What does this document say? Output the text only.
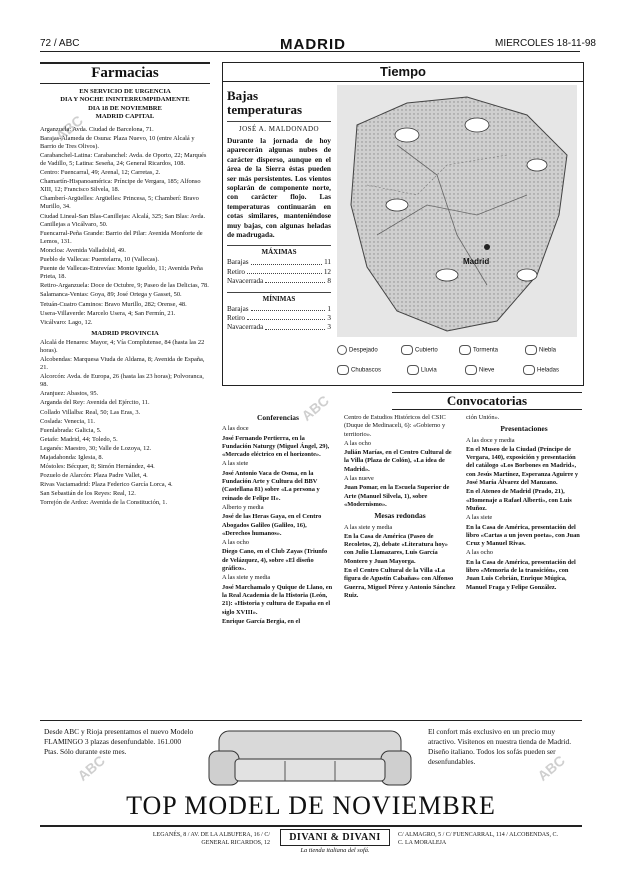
ABC
ABC	ABC
ABC
72 / ABC	MADRID	MIERCOLES 18-11-98
Farmacias
EN SERVICIO DE URGENCIA
DIA Y NOCHE ININTERRUMPIDAMENTE
DIA 18 DE NOVIEMBRE
MADRID CAPITAL

Arganzuela: Avda. Ciudad de Barcelona, 71.

Barajas-Alameda de Osuna: Plaza Nuevo, 10 (entre Alcalá y Barrio de Tres Olivos).

Carabanchel-Latina: Carabanchel: Avda. de Oporto, 22; Marqués de Vadillo, 5; Latina: Seseña, 24; General Ricardos, 108.

Centro: Fuencarral, 49; Arenal, 12; Carretas, 2.

Chamartín-Hispanoamérica: Príncipe de Vergara, 185; Alfonso XIII, 12; Francisco Silvela, 18.

Chamberí-Argüelles: Argüelles: Princesa, 5; Chamberí: Bravo Murillo, 34.

Ciudad Lineal-San Blas-Canillejas: Alcalá, 325; San Blas: Avda. Canillejas a Vicálvaro, 50.

Fuencarral-Peña Grande: Barrio del Pilar: Avenida Monforte de Lemos, 131.

Moncloa: Avenida Valladolid, 49.

Pueblo de Vallecas: Puentelarra, 10 (Vallecas).

Puente de Vallecas-Entrevías: Monte Igueldo, 11; Avenida Peña Prieta, 18.

Retiro-Arganzuela: Doce de Octubre, 9; Paseo de las Delicias, 78.

Salamanca-Ventas: Goya, 89; José Ortega y Gasset, 50.

Tetuán-Cuatro Caminos: Bravo Murillo, 282; Orense, 48.

Usera-Villaverde: Marcelo Usera, 4; San Fermín, 21.

Vicálvaro: Lago, 12.

MADRID PROVINCIA

Alcalá de Henares: Mayor, 4; Vía Complutense, 84 (hasta las 22 horas).

Alcobendas: Marquesa Viuda de Aldama, 8; Avenida de España, 21.

Alcorcón: Avda. de Europa, 26 (hasta las 23 horas); Polvoranca, 98.

Aranjuez: Abastos, 95.

Arganda del Rey: Avenida del Ejército, 11.

Collado Villalba: Real, 50; Las Eras, 3.

Coslada: Venecia, 11.

Fuenlabrada: Galicia, 5.

Getafe: Madrid, 44; Toledo, 5.

Leganés: Maestro, 30; Valle de Lozoya, 12.

Majadahonda: Iglesia, 8.

Móstoles: Bécquer, 8; Simón Hernández, 44.

Pozuelo de Alarcón: Plaza Padre Vallet, 4.

Rivas Vaciamadrid: Plaza Federico García Lorca, 4.

San Sebastián de los Reyes: Real, 12.

Torrejón de Ardoz: Avenida de la Constitución, 1.

Tiempo
Bajas temperaturas
JOSÉ A. MALDONADO
Durante la jornada de hoy aparecerán algunas nubes de carácter disperso, aunque en el área de la Sierra éstas pueden ser más persistentes. Los vientos soplarán de componente norte, con carácter flojo. Las temperaturas continuarán en cotas similares, manteniéndose muy bajas, con algunas heladas de madrugada.
MÁXIMAS
Barajas	11
Retiro	12
Navacerrada	8
MÍNIMAS
Barajas	1
Retiro	3
Navacerrada	3
Madrid
Despejado	Cubierto	Tormenta	Niebla
Chubascos	Lluvia	Nieve	Heladas
Convocatorias
Conferencias

A las doce

José Fernando Pertierra, en la Fundación Naturgy (Miguel Ángel, 29), «Mercado eléctrico en el horizonte».

A las siete

José Antonio Vaca de Osma, en la Fundación Arte y Cultura del BBV (Castellana 81) sobre «La persona y reinado de Felipe II».

Alberto y media

José de las Heras Gaya, en el Centro Abogados Galileo (Galileo, 16), «Derechos humanos».

A las ocho

Diego Cano, en el Club Zayas (Triunfo de Velázquez, 4), sobre «El diseño gráfico».

A las siete y media

José Marchamalo y Quique de Llano, en la Real Academia de la Historia (León, 21): «Historia y cultura de España en el siglo XVIII».

Enrique García Bergia, en el

Centro de Estudios Históricos del CSIC (Duque de Medinaceli, 6): «Gobierno y territorio».

A las ocho

Julián Marías, en el Centro Cultural de la Villa (Plaza de Colón), «La idea de Madrid».

A las nueve

Juan Pomar, en la Escuela Superior de Arte (Manuel Silvela, 1), sobre «Modernismo».

Mesas redondas

A las siete y media

En la Casa de América (Paseo de Recoletos, 2), debate «Literatura hoy» con Julio Llamazares, Luis García Montero y Juan Mayorga.

En el Centro Cultural de la Villa «La figura de Agustín Cabañas» con Alfonso Guerra, Miguel Pérez y Antonio Sánchez Ruiz.

ción Unión».

Presentaciones

A las doce y media

En el Museo de la Ciudad (Príncipe de Vergara, 140), exposición y presentación del catálogo «Los Borbones en Madrid», con Jesús Martínez, Esperanza Aguirre y José María Álvarez del Manzano.

En el Ateneo de Madrid (Prado, 21), «Homenaje a Rafael Alberti», con Luis Muñoz.

A las siete

En la Casa de América, presentación del libro «Cartas a un joven poeta», con Juan Cruz y Manuel Rivas.

A las ocho

En la Casa de América, presentación del libro «Memoria de la transición», con Juan Luis Cebrián, Enrique Múgica, Manuel Fraga y Felipe González.

Desde ABC y Rioja presentamos el nuevo Modelo FLAMINGO 3 plazas desenfundable. 161.000 Ptas. Sólo durante este mes.
El confort más exclusivo en un precio muy atractivo. Visítenos en nuestra tienda de Madrid. Diseño italiano. Todos los sofás pueden ser desenfundables.
TOP MODEL DE NOVIEMBRE
LEGANÉS, 8 / AV. DE LA ALBUFERA, 16 / C/ GENERAL RICARDOS, 12	DIVANI & DIVANI
La tienda italiana del sofá.
C/ ALMAGRO, 5 / C/ FUENCARRAL, 114 / ALCOBENDAS, C. C. LA MORALEJA
